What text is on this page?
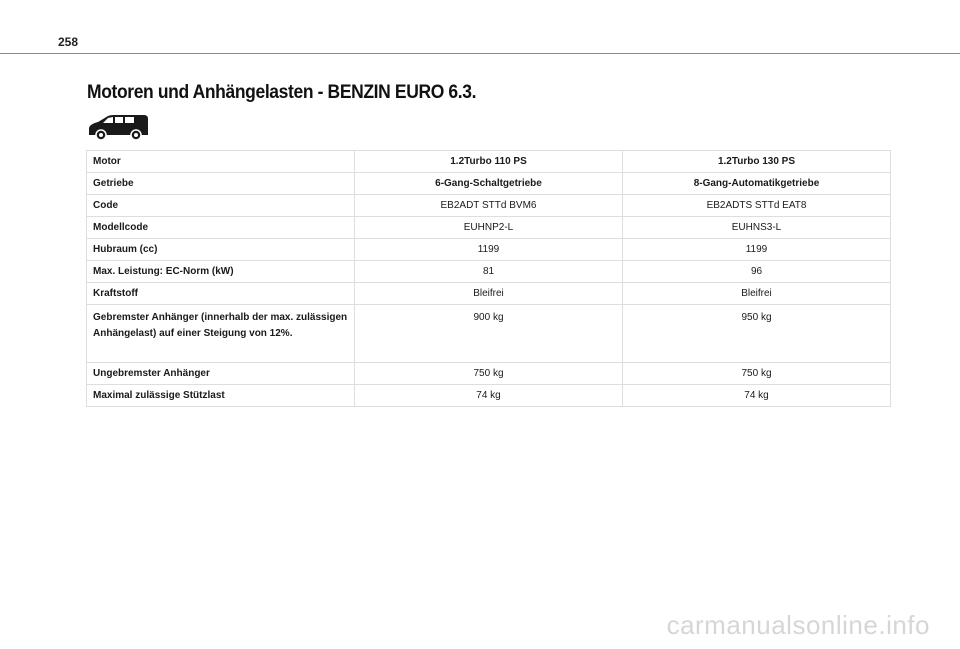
258
Motoren und Anhängelasten - BENZIN EURO 6.3.
Motor	1.2Turbo 110 PS	1.2Turbo 130 PS
Getriebe	6-Gang-Schaltgetriebe	8-Gang-Automatikgetriebe
Code	EB2ADT STTd BVM6	EB2ADTS STTd EAT8
Modellcode	EUHNP2-L	EUHNS3-L
Hubraum (cc)	1199	1199
Max. Leistung: EC-Norm (kW)	81	96
Kraftstoff	Bleifrei	Bleifrei
Gebremster Anhänger (innerhalb der max. zulässigen Anhängelast) auf einer Steigung von 12%.	900 kg	950 kg
Ungebremster Anhänger	750 kg	750 kg
Maximal zulässige Stützlast	74 kg	74 kg
carmanualsonline.info
